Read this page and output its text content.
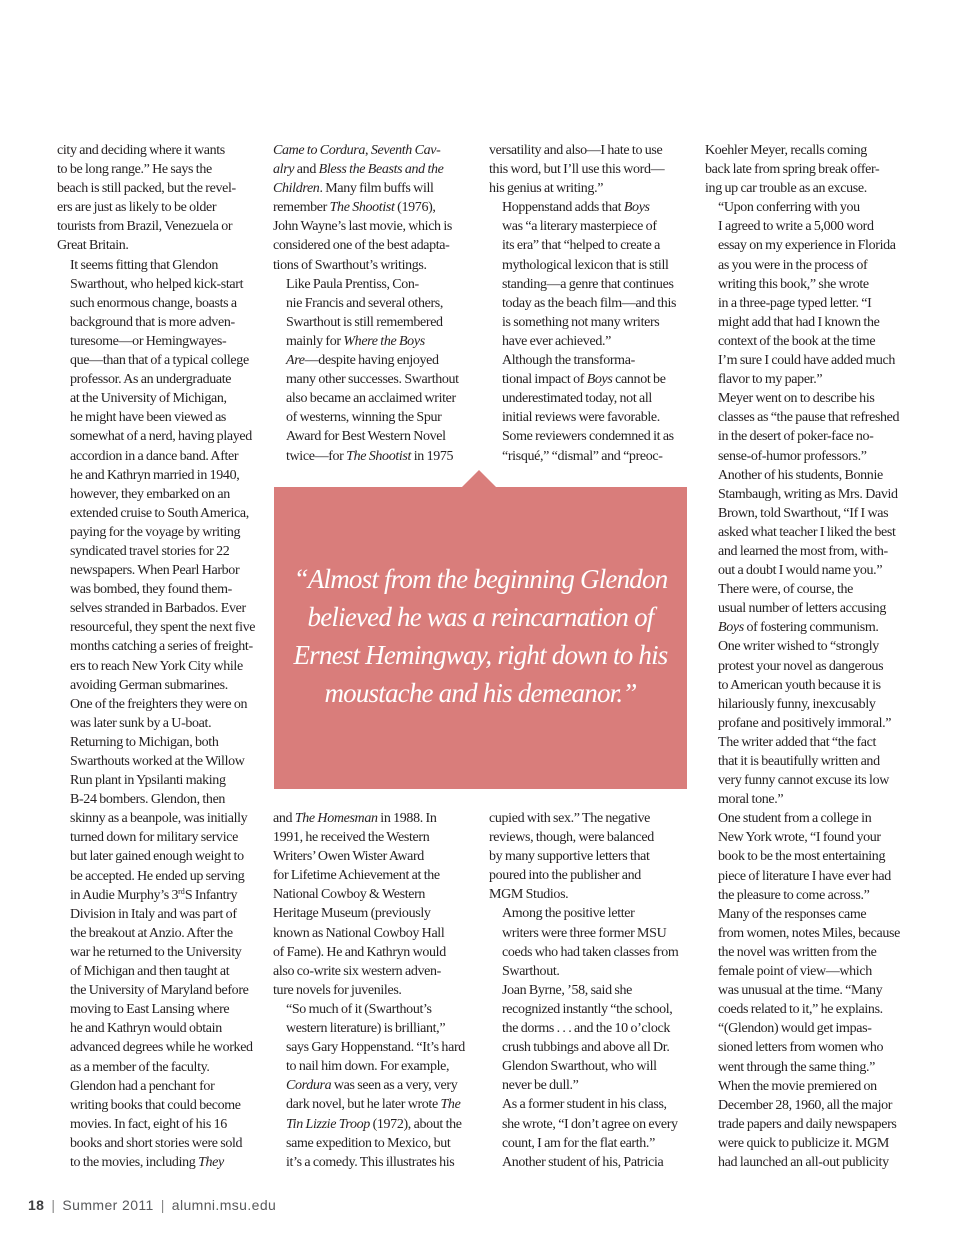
city and deciding where it wants
to be long range.” He says the
beach is still packed, but the revel-
ers are just as likely to be older
tourists from Brazil, Venezuela or
Great Britain.

It seems fitting that Glendon
Swarthout, who helped kick-start
such enormous change, boasts a
background that is more adven-
turesome—or Hemingwayes-
que—than that of a typical college
professor. As an undergraduate
at the University of Michigan,
he might have been viewed as
somewhat of a nerd, having played
accordion in a dance band. After
he and Kathryn married in 1940,
however, they embarked on an
extended cruise to South America,
paying for the voyage by writing
syndicated travel stories for 22
newspapers. When Pearl Harbor
was bombed, they found them-
selves stranded in Barbados. Ever
resourceful, they spent the next five
months catching a series of freight-
ers to reach New York City while
avoiding German submarines.
One of the freighters they were on
was later sunk by a U-boat.

Returning to Michigan, both
Swarthouts worked at the Willow
Run plant in Ypsilanti making
B-24 bombers. Glendon, then
skinny as a beanpole, was initially
turned down for military service
but later gained enough weight to
be accepted. He ended up serving
in Audie Murphy’s 3rdS Infantry
Division in Italy and was part of
the breakout at Anzio. After the
war he returned to the University
of Michigan and then taught at
the University of Maryland before
moving to East Lansing where
he and Kathryn would obtain
advanced degrees while he worked
as a member of the faculty.

Glendon had a penchant for
writing books that could become
movies. In fact, eight of his 16
books and short stories were sold
to the movies, including They

Came to Cordura, Seventh Cav-
alry and Bless the Beasts and the
Children. Many film buffs will
remember The Shootist (1976),
John Wayne’s last movie, which is
considered one of the best adapta-
tions of Swarthout’s writings.

Like Paula Prentiss, Con-
nie Francis and several others,
Swarthout is still remembered
mainly for Where the Boys
Are—despite having enjoyed
many other successes. Swarthout
also became an acclaimed writer
of westerns, winning the Spur
Award for Best Western Novel
twice—for The Shootist in 1975

versatility and also—I hate to use
this word, but I’ll use this word—
his genius at writing.”

Hoppenstand adds that Boys
was “a literary masterpiece of
its era” that “helped to create a
mythological lexicon that is still
standing—a genre that continues
today as the beach film—and this
is something not many writers
have ever achieved.”

Although the transforma-
tional impact of Boys cannot be
underestimated today, not all
initial reviews were favorable.
Some reviewers condemned it as
“risqué,” “dismal” and “preoc-

“Almost from the beginning Glendon
believed he was a reincarnation of
Ernest Hemingway, right down to his
moustache and his demeanor.”

and The Homesman in 1988. In
1991, he received the Western
Writers’ Owen Wister Award
for Lifetime Achievement at the
National Cowboy & Western
Heritage Museum (previously
known as National Cowboy Hall
of Fame). He and Kathryn would
also co-write six western adven-
ture novels for juveniles.

“So much of it (Swarthout’s
western literature) is brilliant,”
says Gary Hoppenstand. “It’s hard
to nail him down. For example,
Cordura was seen as a very, very
dark novel, but he later wrote The
Tin Lizzie Troop (1972), about the
same expedition to Mexico, but
it’s a comedy. This illustrates his

cupied with sex.” The negative
reviews, though, were balanced
by many supportive letters that
poured into the publisher and
MGM Studios.

Among the positive letter
writers were three former MSU
coeds who had taken classes from
Swarthout.

Joan Byrne, ’58, said she
recognized instantly “the school,
the dorms . . . and the 10 o’clock
crush tubbings and above all Dr.
Glendon Swarthout, who will
never be dull.”

As a former student in his class,
she wrote, “I don’t agree on every
count, I am for the flat earth.”

Another student of his, Patricia

Koehler Meyer, recalls coming
back late from spring break offer-
ing up car trouble as an excuse.

“Upon conferring with you
I agreed to write a 5,000 word
essay on my experience in Florida
as you were in the process of
writing this book,” she wrote
in a three-page typed letter. “I
might add that had I known the
context of the book at the time
I’m sure I could have added much
flavor to my paper.”

Meyer went on to describe his
classes as “the pause that refreshed
in the desert of poker-face no-
sense-of-humor professors.”

Another of his students, Bonnie
Stambaugh, writing as Mrs. David
Brown, told Swarthout, “If I was
asked what teacher I liked the best
and learned the most from, with-
out a doubt I would name you.”

There were, of course, the
usual number of letters accusing
Boys of fostering communism.
One writer wished to “strongly
protest your novel as dangerous
to American youth because it is
hilariously funny, inexcusably
profane and positively immoral.”
The writer added that “the fact
that it is beautifully written and
very funny cannot excuse its low
moral tone.”

One student from a college in
New York wrote, “I found your
book to be the most entertaining
piece of literature I have ever had
the pleasure to come across.”

Many of the responses came
from women, notes Miles, because
the novel was written from the
female point of view—which
was unusual at the time. “Many
coeds related to it,” he explains.
“(Glendon) would get impas-
sioned letters from women who
went through the same thing.”

When the movie premiered on
December 28, 1960, all the major
trade papers and daily newspapers
were quick to publicize it. MGM
had launched an all-out publicity

18 | Summer 2011 | alumni.msu.edu
